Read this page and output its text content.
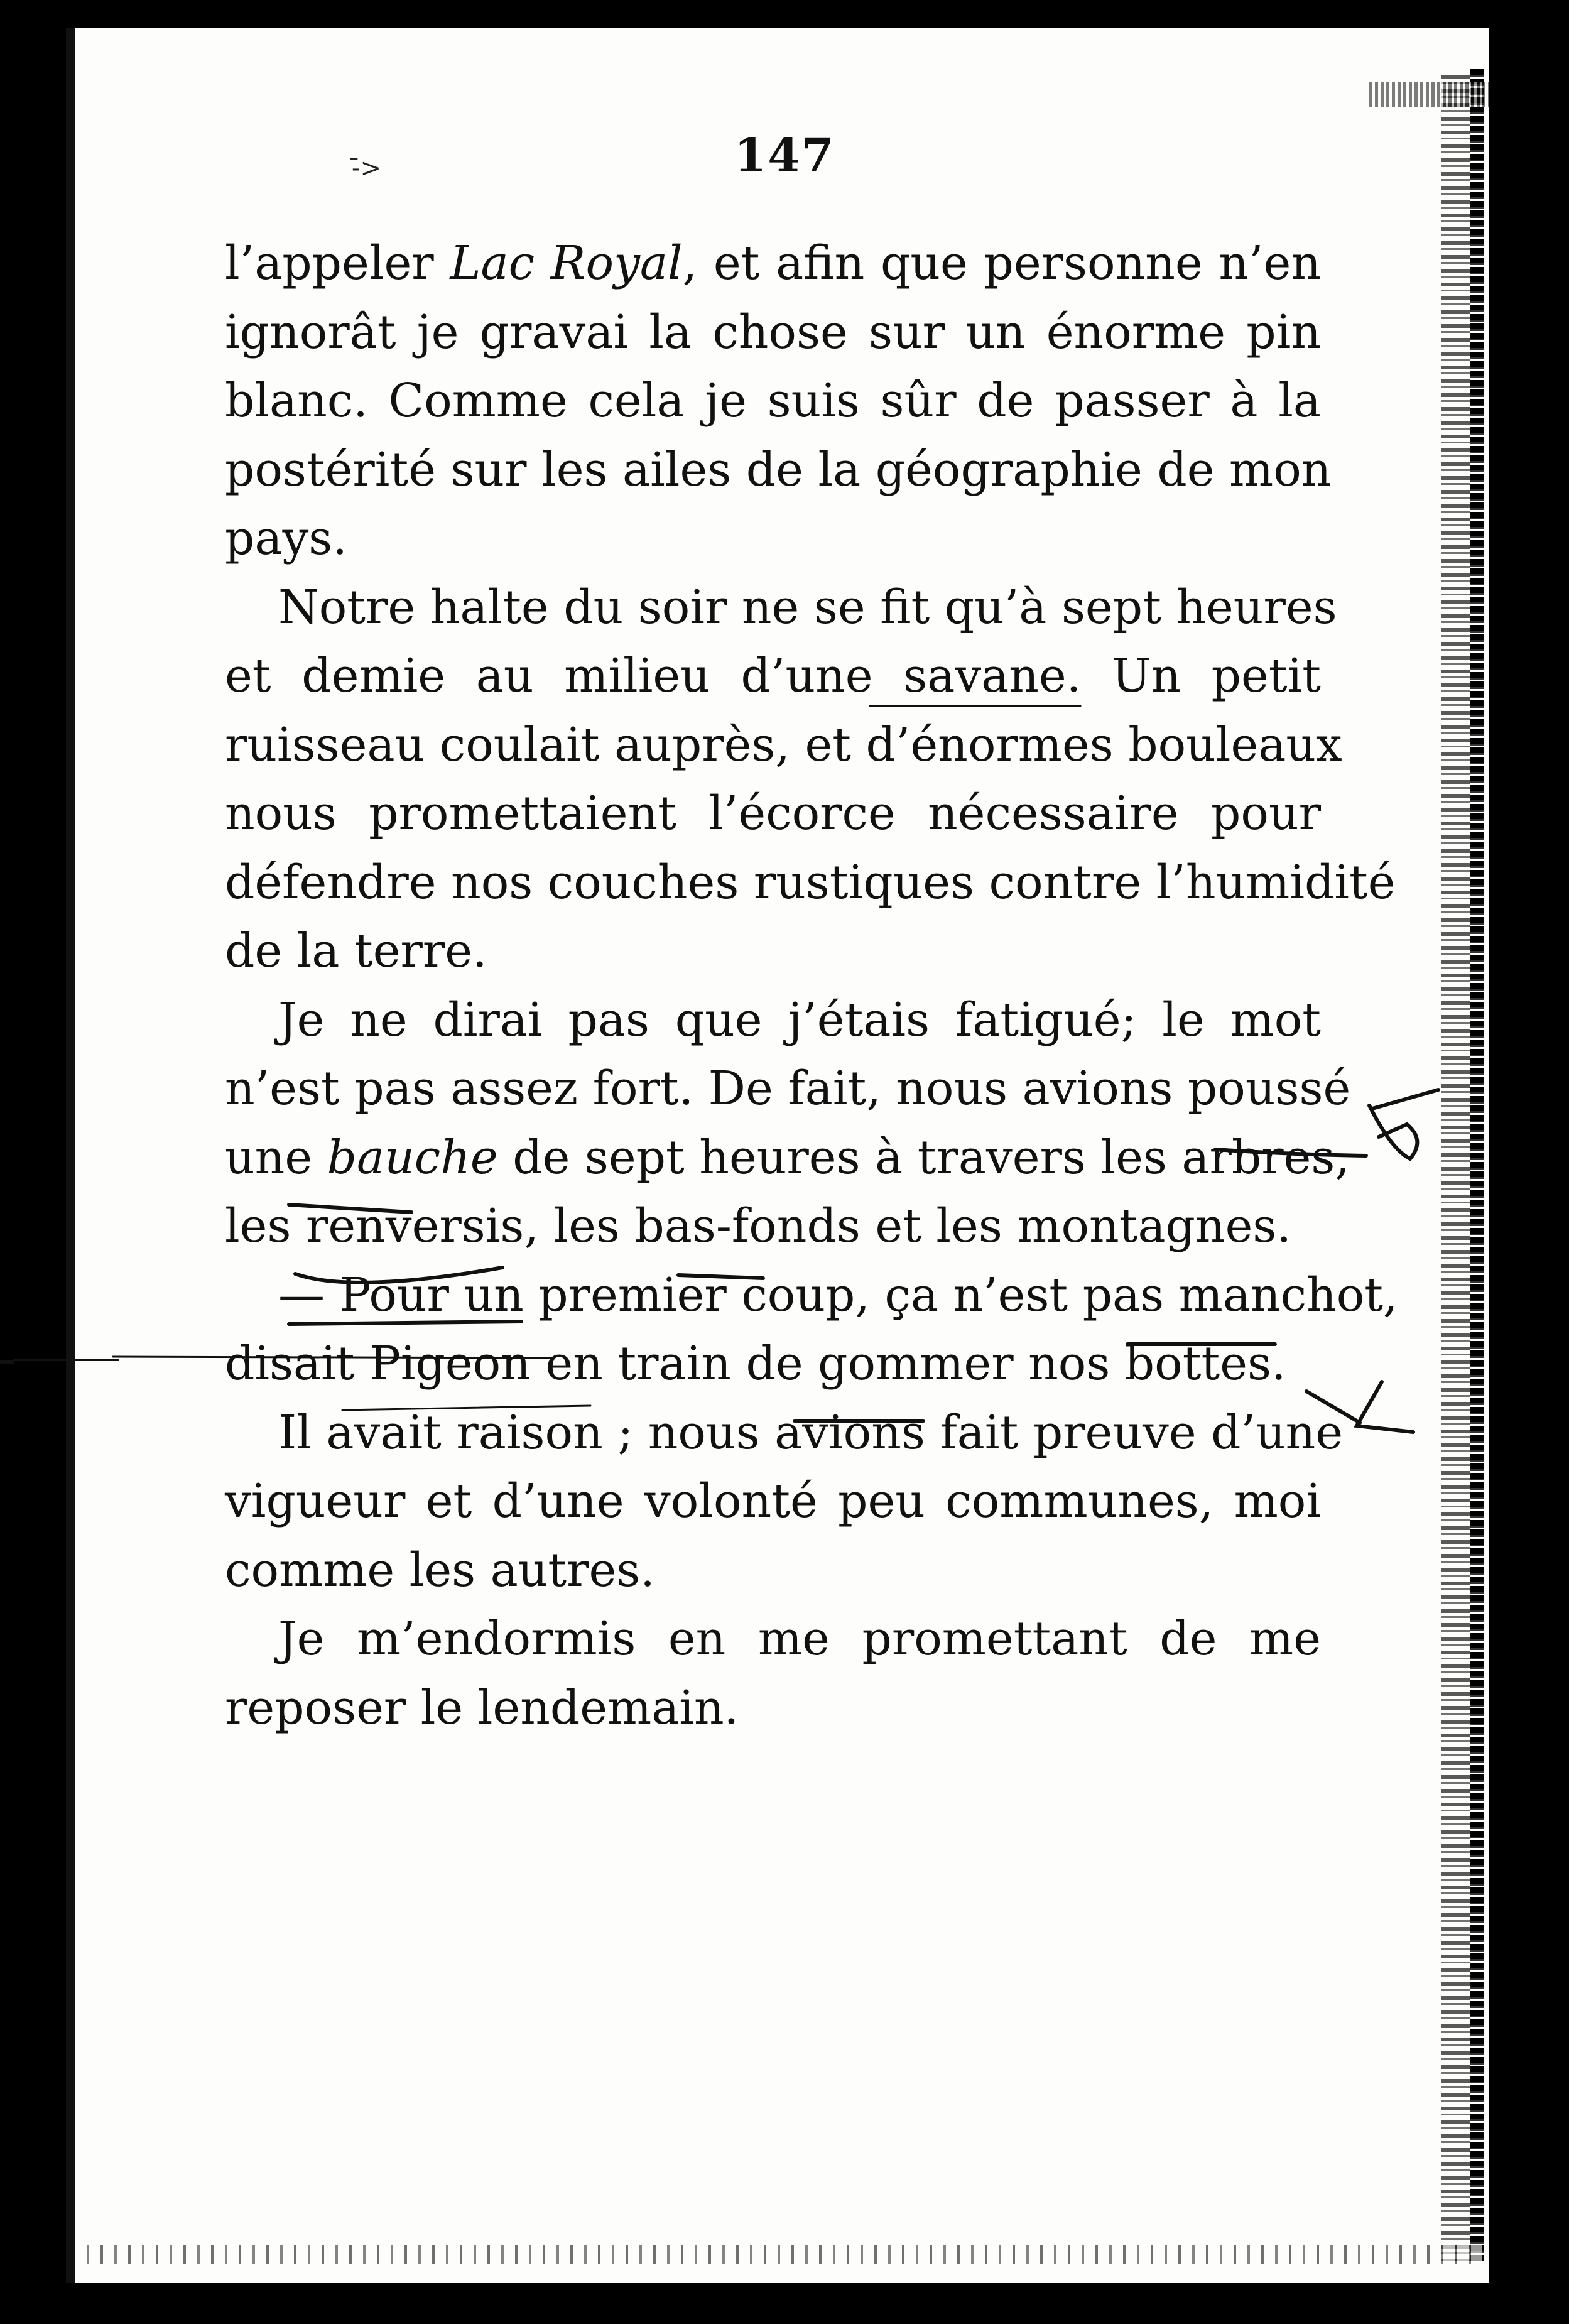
-̄>	147
l’appeler Lac Royal, et afin que personne n’en
ignorât je gravai la chose sur un énorme pin
blanc. Comme cela je suis sûr de passer à la
postérité sur les ailes de la géographie de mon
pays.
Notre halte du soir ne se fit qu’à sept heures
et demie au milieu d’une savane. Un petit
ruisseau coulait auprès, et d’énormes bouleaux
nous promettaient l’écorce nécessaire pour
défendre nos couches rustiques contre l’humidité
de la terre.
Je ne dirai pas que j’étais fatigué; le mot
n’est pas assez fort. De fait, nous avions poussé
une bauche de sept heures à travers les arbres,
les renversis, les bas-fonds et les montagnes.
— Pour un premier coup, ça n’est pas manchot,
disait Pigeon en train de gommer nos bottes.
Il avait raison ; nous avions fait preuve d’une
vigueur et d’une volonté peu communes, moi
comme les autres.
Je m’endormis en me promettant de me
reposer le lendemain.
